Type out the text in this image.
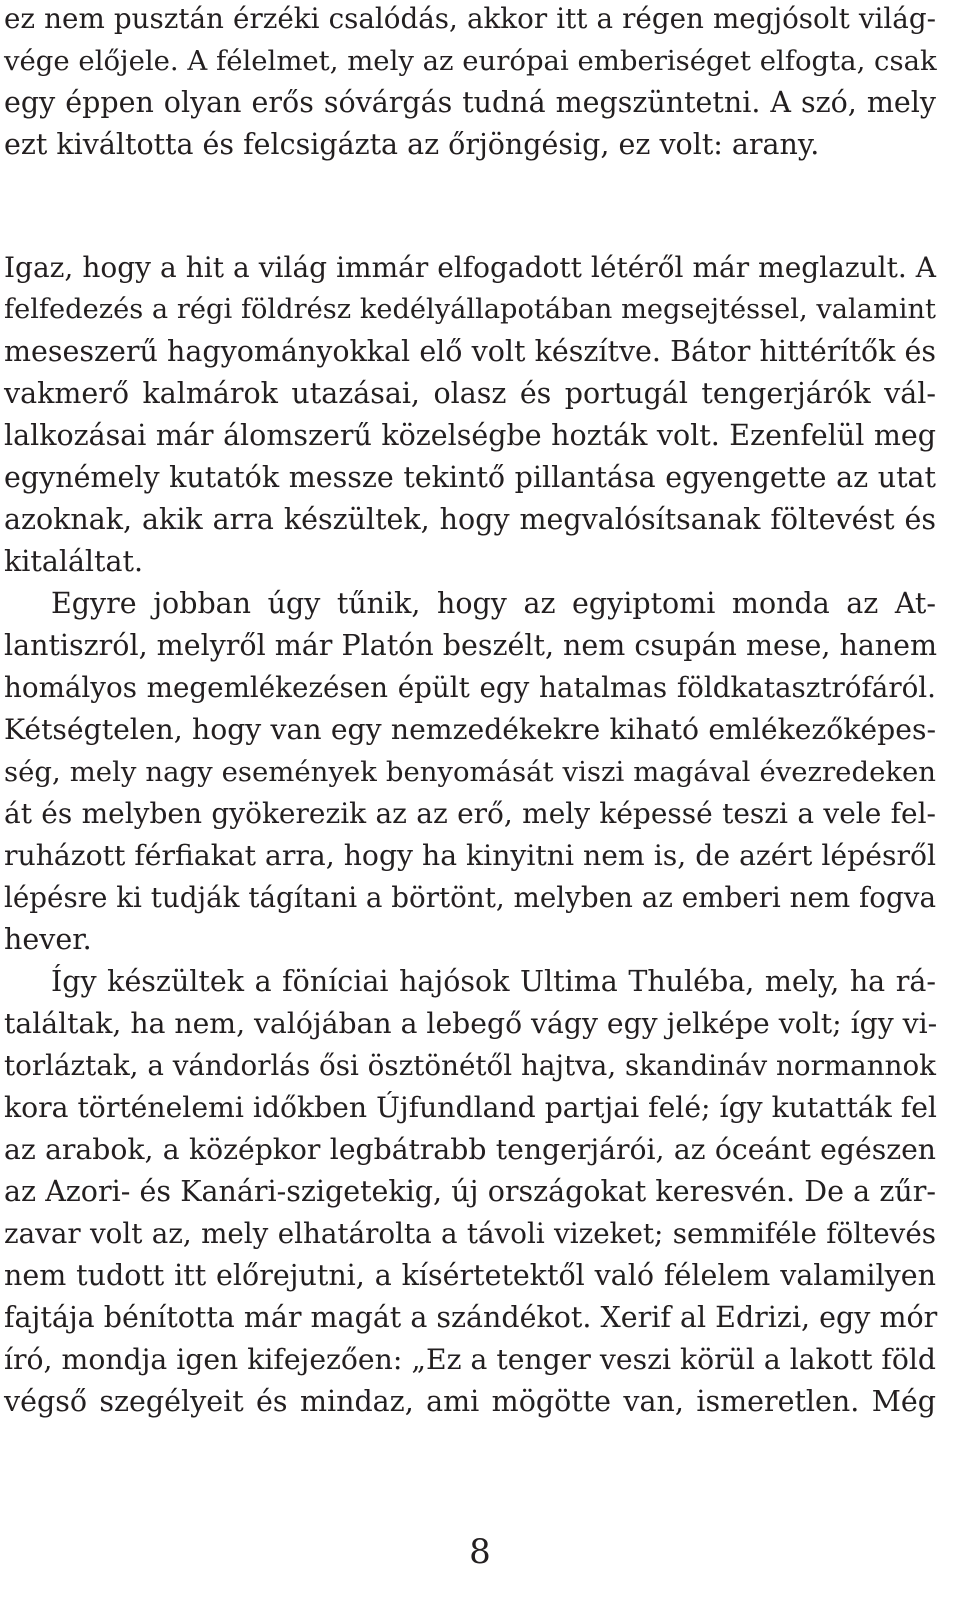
ez nem pusztán érzéki csalódás, akkor itt a régen megjósolt világ-
vége előjele. A félelmet, mely az európai emberiséget elfogta, csak
egy éppen olyan erős sóvárgás tudná megszüntetni. A szó, mely
ezt kiváltotta és felcsigázta az őrjöngésig, ez volt: arany.
Igaz, hogy a hit a világ immár elfogadott létéről már meglazult. A
felfedezés a régi földrész kedélyállapotában megsejtéssel, valamint
meseszerű hagyományokkal elő volt készítve. Bátor hittérítők és
vakmerő kalmárok utazásai, olasz és portugál tengerjárók vál-
lalkozásai már álomszerű közelségbe hozták volt. Ezenfelül meg
egynémely kutatók messze tekintő pillantása egyengette az utat
azoknak, akik arra készültek, hogy megvalósítsanak föltevést és
kitaláltat.
Egyre jobban úgy tűnik, hogy az egyiptomi monda az At-
lantiszról, melyről már Platón beszélt, nem csupán mese, hanem
homályos megemlékezésen épült egy hatalmas földkatasztrófáról.
Kétségtelen, hogy van egy nemzedékekre kiható emlékezőképes-
ség, mely nagy események benyomását viszi magával évezredeken
át és melyben gyökerezik az az erő, mely képessé teszi a vele fel-
ruházott férfiakat arra, hogy ha kinyitni nem is, de azért lépésről
lépésre ki tudják tágítani a börtönt, melyben az emberi nem fogva
hever.
Így készültek a föníciai hajósok Ultima Thuléba, mely, ha rá-
találtak, ha nem, valójában a lebegő vágy egy jelképe volt; így vi-
torláztak, a vándorlás ősi ösztönétől hajtva, skandináv normannok
kora történelemi időkben Újfundland partjai felé; így kutatták fel
az arabok, a középkor legbátrabb tengerjárói, az óceánt egészen
az Azori- és Kanári-szigetekig, új országokat keresvén. De a zűr-
zavar volt az, mely elhatárolta a távoli vizeket; semmiféle föltevés
nem tudott itt előrejutni, a kísértetektől való félelem valamilyen
fajtája bénította már magát a szándékot. Xerif al Edrizi, egy mór
író, mondja igen kifejezően: „Ez a tenger veszi körül a lakott föld
végső szegélyeit és mindaz, ami mögötte van, ismeretlen. Még
8
